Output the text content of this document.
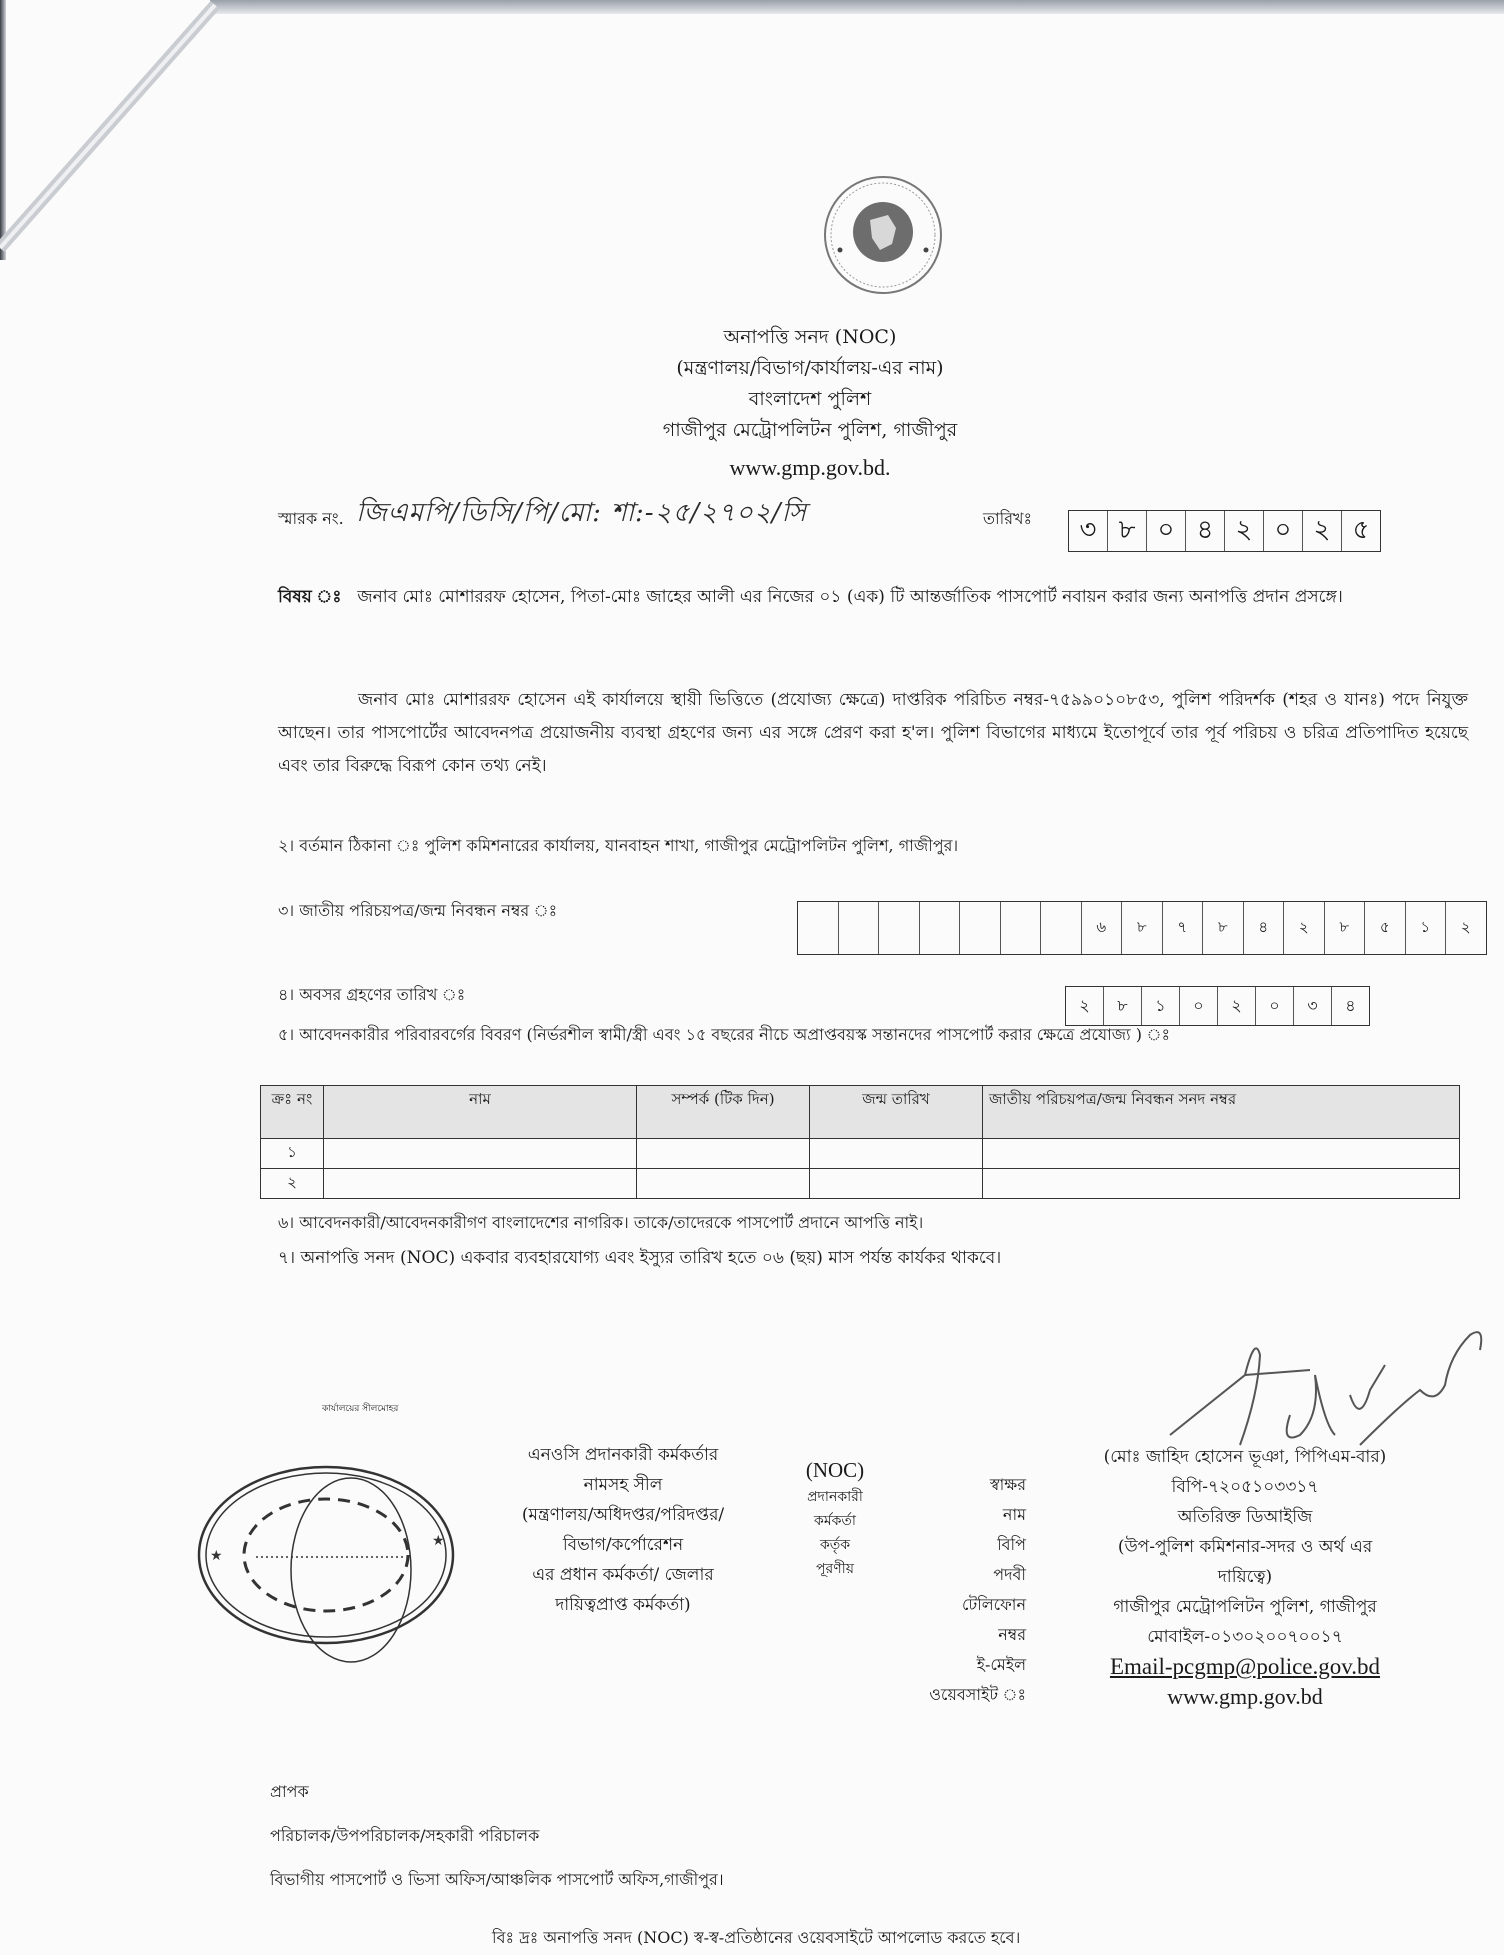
অনাপত্তি সনদ (NOC)
(মন্ত্রণালয়/বিভাগ/কার্যালয়-এর নাম)
বাংলাদেশ পুলিশ
গাজীপুর মেট্রোপলিটন পুলিশ, গাজীপুর
www.gmp.gov.bd.
স্মারক নং. জিএমপি/ডিসি/পি/মো: শা:-২৫/২৭০২/সি	তারিখঃ	৩ ৮ ০ ৪ ২ ০ ২ ৫
বিষয় ঃ জনাব মোঃ মোশাররফ হোসেন, পিতা-মোঃ জাহের আলী এর নিজের ০১ (এক) টি আন্তর্জাতিক পাসপোর্ট নবায়ন করার জন্য অনাপত্তি প্রদান প্রসঙ্গে।
জনাব মোঃ মোশাররফ হোসেন এই কার্যালয়ে স্থায়ী ভিত্তিতে (প্রযোজ্য ক্ষেত্রে) দাপ্তরিক পরিচিত নম্বর-৭৫৯৯০১০৮৫৩, পুলিশ পরিদর্শক (শহর ও যানঃ) পদে নিযুক্ত আছেন। তার পাসপোর্টের আবেদনপত্র প্রয়োজনীয় ব্যবস্থা গ্রহণের জন্য এর সঙ্গে প্রেরণ করা হ'ল। পুলিশ বিভাগের মাধ্যমে ইতোপূর্বে তার পূর্ব পরিচয় ও চরিত্র প্রতিপাদিত হয়েছে এবং তার বিরুদ্ধে বিরূপ কোন তথ্য নেই।
২। বর্তমান ঠিকানা ঃ পুলিশ কমিশনারের কার্যালয়, যানবাহন শাখা, গাজীপুর মেট্রোপলিটন পুলিশ, গাজীপুর।
৩। জাতীয় পরিচয়পত্র/জন্ম নিবন্ধন নম্বর ঃ
৬	৮	৭	৮	৪	২	৮	৫	১	২
৪। অবসর গ্রহণের তারিখ ঃ
২	৮	১	০	২	০	৩	৪
৫। আবেদনকারীর পরিবারবর্গের বিবরণ (নির্ভরশীল স্বামী/স্ত্রী এবং ১৫ বছরের নীচে অপ্রাপ্তবয়স্ক সন্তানদের পাসপোর্ট করার ক্ষেত্রে প্রযোজ্য ) ঃ
ক্রঃ নং	নাম	সম্পর্ক (টিক দিন)	জন্ম তারিখ	জাতীয় পরিচয়পত্র/জন্ম নিবন্ধন সনদ নম্বর
১				
২				
৬। আবেদনকারী/আবেদনকারীগণ বাংলাদেশের নাগরিক। তাকে/তাদেরকে পাসপোর্ট প্রদানে আপত্তি নাই।
৭। অনাপত্তি সনদ (NOC) একবার ব্যবহারযোগ্য এবং ইস্যুর তারিখ হতে ০৬ (ছয়) মাস পর্যন্ত কার্যকর থাকবে।
কার্যালয়ের সীলমোহর
★
★
এনওসি প্রদানকারী কর্মকর্তার
নামসহ সীল
(মন্ত্রণালয়/অধিদপ্তর/পরিদপ্তর/
বিভাগ/কর্পোরেশন
এর প্রধান কর্মকর্তা/ জেলার
দায়িত্বপ্রাপ্ত কর্মকর্তা)
(NOC)
প্রদানকারী
কর্মকর্তা
কর্তৃক
পূরণীয়
স্বাক্ষর
নাম
বিপি
পদবী
টেলিফোন
নম্বর
ই-মেইল
ওয়েবসাইট ঃ
(মোঃ জাহিদ হোসেন ভূঞা, পিপিএম-বার)
বিপি-৭২০৫১০৩৩১৭
অতিরিক্ত ডিআইজি
(উপ-পুলিশ কমিশনার-সদর ও অর্থ এর
দায়িত্বে)
গাজীপুর মেট্রোপলিটন পুলিশ, গাজীপুর
মোবাইল-০১৩০২০০৭০০১৭
Email-pcgmp@police.gov.bd
www.gmp.gov.bd
প্রাপক
পরিচালক/উপপরিচালক/সহকারী পরিচালক
বিভাগীয় পাসপোর্ট ও ভিসা অফিস/আঞ্চলিক পাসপোর্ট অফিস,গাজীপুর।
বিঃ দ্রঃ অনাপত্তি সনদ (NOC) স্ব-স্ব-প্রতিষ্ঠানের ওয়েবসাইটে আপলোড করতে হবে।
